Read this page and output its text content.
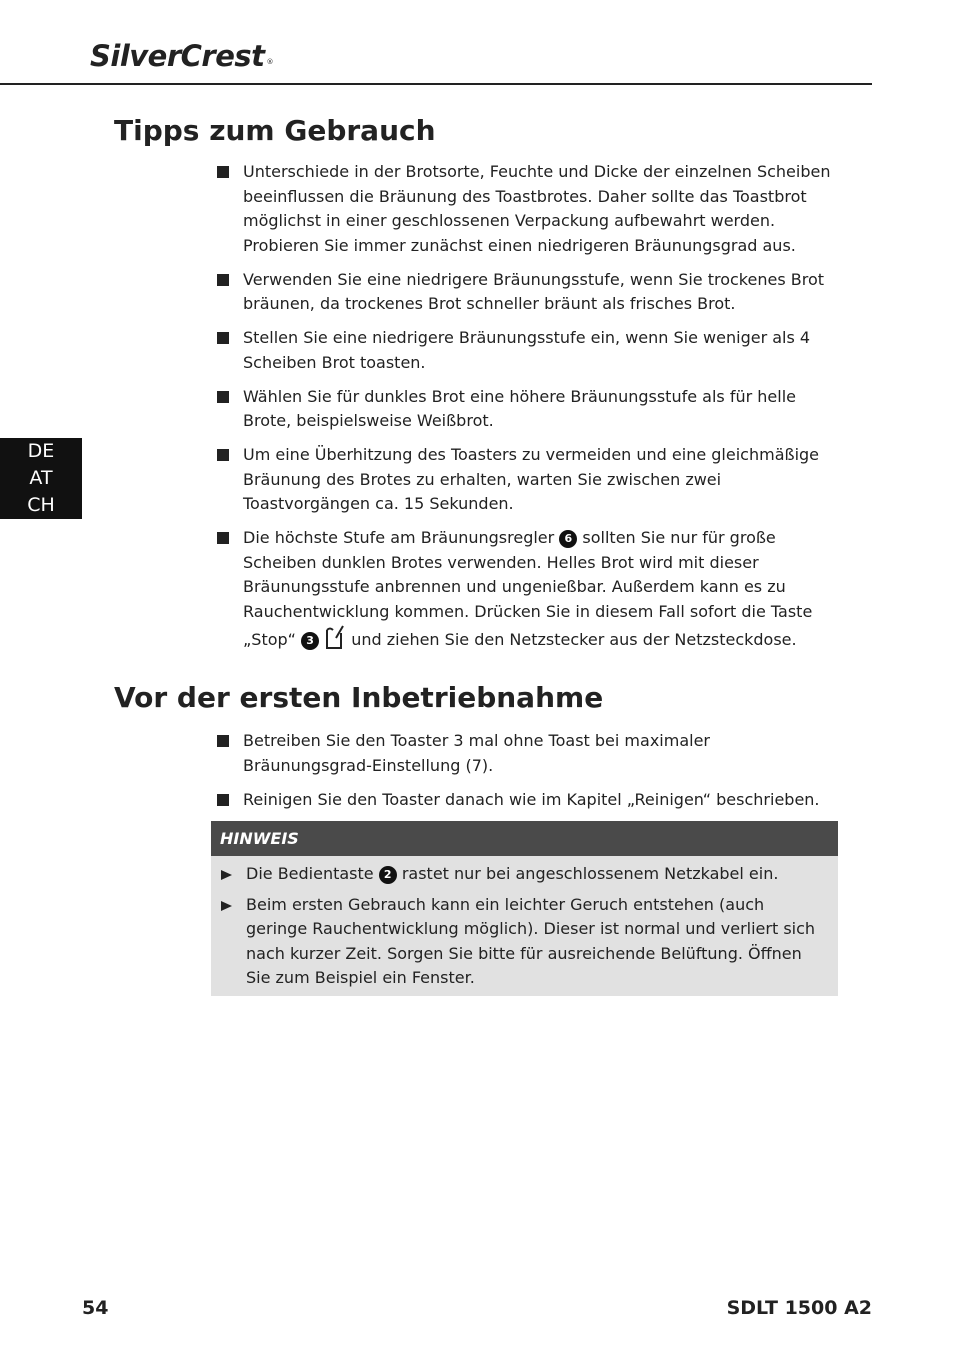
SilverCrest ®
DE
AT
CH
Tipps zum Gebrauch
Unterschiede in der Brotsorte, Feuchte und Dicke der einzelnen Scheiben beeinflussen die Bräunung des Toastbrotes. Daher sollte das Toastbrot möglichst in einer geschlossenen Verpackung aufbewahrt werden. Probieren Sie immer zunächst einen niedrigeren Bräunungsgrad aus.
Verwenden Sie eine niedrigere Bräunungsstufe, wenn Sie trockenes Brot bräunen, da trockenes Brot schneller bräunt als frisches Brot.
Stellen Sie eine niedrigere Bräunungsstufe ein, wenn Sie weniger als 4 Scheiben Brot toasten.
Wählen Sie für dunkles Brot eine höhere Bräunungsstufe als für helle Brote, beispielsweise Weißbrot.
Um eine Überhitzung des Toasters zu vermeiden und eine gleichmäßige Bräunung des Brotes zu erhalten, warten Sie zwischen zwei Toastvorgängen ca. 15 Sekunden.
Die höchste Stufe am Bräunungsregler 6 sollten Sie nur für große Scheiben dunklen Brotes verwenden. Helles Brot wird mit dieser Bräunungsstufe anbrennen und ungenießbar. Außerdem kann es zu Rauchentwicklung kommen. Drücken Sie in diesem Fall sofort die Taste „Stop“ 3 und ziehen Sie den Netzstecker aus der Netzsteckdose.
Vor der ersten Inbetriebnahme
Betreiben Sie den Toaster 3 mal ohne Toast bei maximaler Bräunungsgrad-Einstellung (7).
Reinigen Sie den Toaster danach wie im Kapitel „Reinigen“ beschrieben.
HINWEIS
Die Bedientaste 2 rastet nur bei angeschlossenem Netzkabel ein.
Beim ersten Gebrauch kann ein leichter Geruch entstehen (auch geringe Rauchentwicklung möglich). Dieser ist normal und verliert sich nach kurzer Zeit. Sorgen Sie bitte für ausreichende Belüftung. Öffnen Sie zum Beispiel ein Fenster.
54	SDLT 1500 A2
